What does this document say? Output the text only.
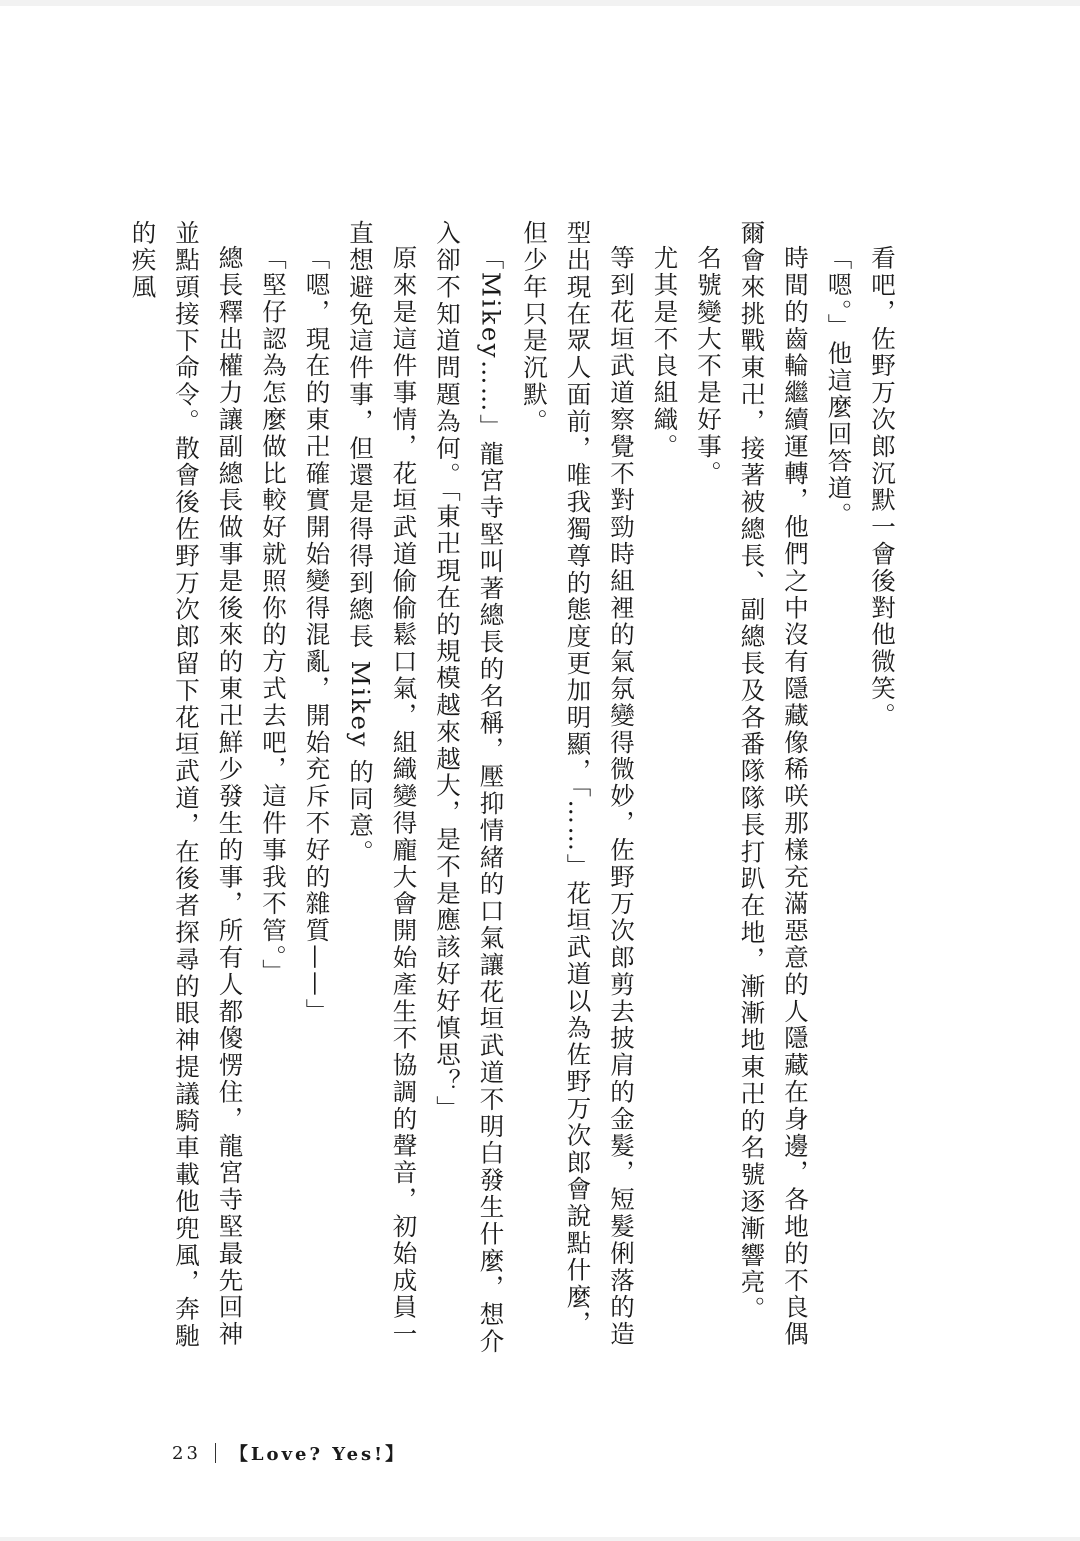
看吧，佐野万次郎沉默一會後對他微笑。

「嗯。」他這麼回答道。

時間的齒輪繼續運轉，他們之中沒有隱藏像稀咲那樣充滿惡意的人隱藏在身邊，各地的不良偶爾會來挑戰東卍，接著被總長、副總長及各番隊隊長打趴在地，漸漸地東卍的名號逐漸響亮。

名號變大不是好事。

尤其是不良組織。

等到花垣武道察覺不對勁時組裡的氣氛變得微妙，佐野万次郎剪去披肩的金髮，短髮俐落的造型出現在眾人面前，唯我獨尊的態度更加明顯，「……」花垣武道以為佐野万次郎會說點什麼，但少年只是沉默。

「Mikey……」龍宮寺堅叫著總長的名稱，壓抑情緒的口氣讓花垣武道不明白發生什麼，想介入卻不知道問題為何。「東卍現在的規模越來越大，是不是應該好好慎思？」

原來是這件事情，花垣武道偷偷鬆口氣，組織變得龐大會開始產生不協調的聲音，初始成員一直想避免這件事，但還是得得到總長 Mikey 的同意。

「嗯，現在的東卍確實開始變得混亂，開始充斥不好的雜質——」

「堅仔認為怎麼做比較好就照你的方式去吧，這件事我不管。」

總長釋出權力讓副總長做事是後來的東卍鮮少發生的事，所有人都傻愣住，龍宮寺堅最先回神並點頭接下命令。散會後佐野万次郎留下花垣武道，在後者探尋的眼神提議騎車載他兜風，奔馳的疾風

23 【Love? Yes!】
